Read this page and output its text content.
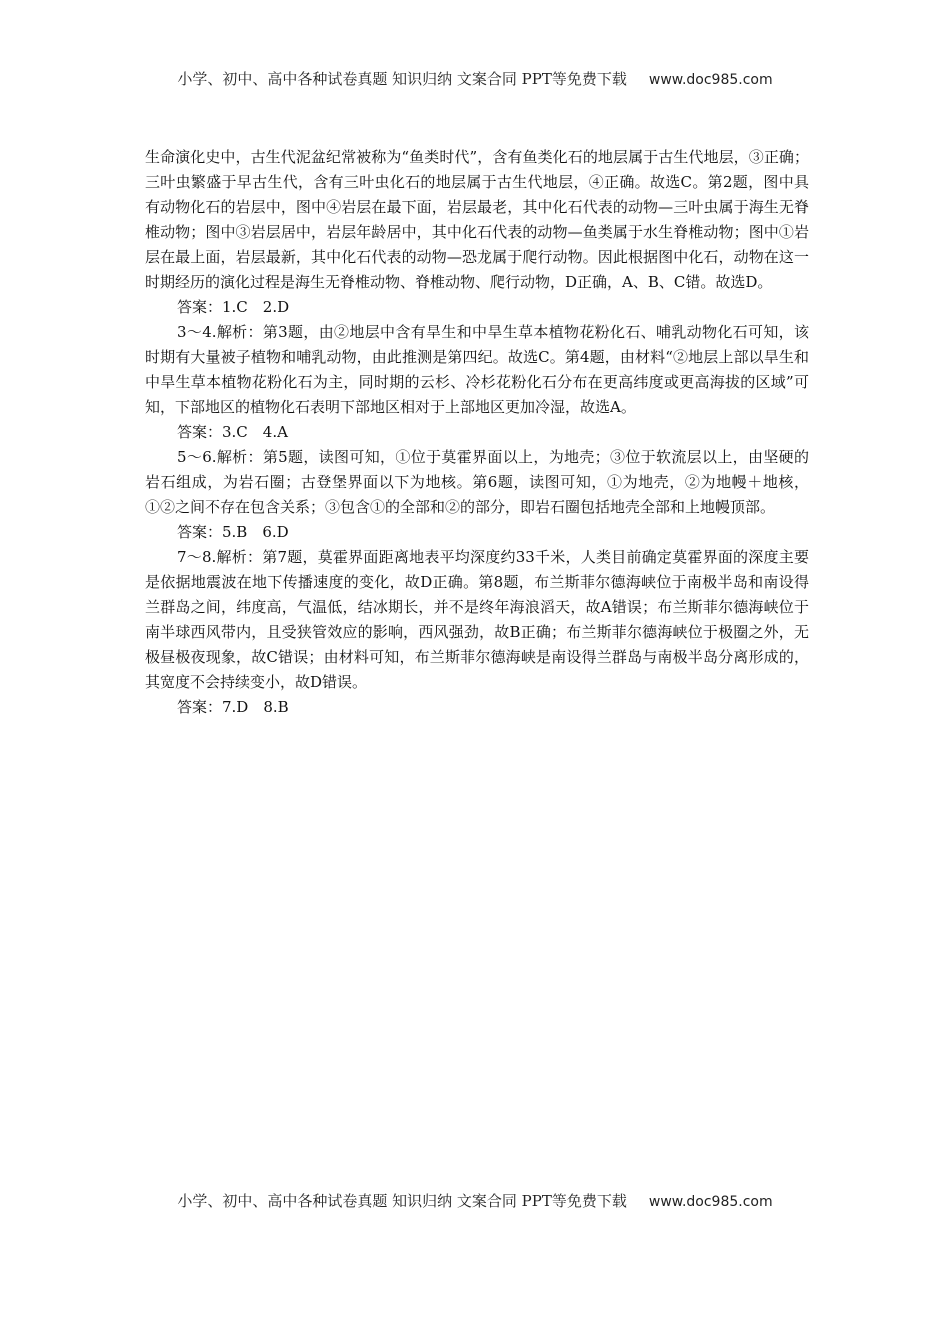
小学、初中、高中各种试卷真题 知识归纳 文案合同 PPT等免费下载 www.doc985.com

生命演化史中，古生代泥盆纪常被称为“鱼类时代”，含有鱼类化石的地层属于古生代地层，③正确；三叶虫繁盛于早古生代，含有三叶虫化石的地层属于古生代地层，④正确。故选C。第2题，图中具有动物化石的岩层中，图中④岩层在最下面，岩层最老，其中化石代表的动物—三叶虫属于海生无脊椎动物；图中③岩层居中，岩层年龄居中，其中化石代表的动物—鱼类属于水生脊椎动物；图中①岩层在最上面，岩层最新，其中化石代表的动物—恐龙属于爬行动物。因此根据图中化石，动物在这一时期经历的演化过程是海生无脊椎动物、脊椎动物、爬行动物，D正确，A、B、C错。故选D。

答案：1.C　2.D

3～4.解析：第3题，由②地层中含有旱生和中旱生草本植物花粉化石、哺乳动物化石可知，该时期有大量被子植物和哺乳动物，由此推测是第四纪。故选C。第4题，由材料“②地层上部以旱生和中旱生草本植物花粉化石为主，同时期的云杉、冷杉花粉化石分布在更高纬度或更高海拔的区域”可知，下部地区的植物化石表明下部地区相对于上部地区更加冷湿，故选A。

答案：3.C　4.A

5～6.解析：第5题，读图可知，①位于莫霍界面以上，为地壳；③位于软流层以上，由坚硬的岩石组成，为岩石圈；古登堡界面以下为地核。第6题，读图可知，①为地壳，②为地幔＋地核，①②之间不存在包含关系；③包含①的全部和②的部分，即岩石圈包括地壳全部和上地幔顶部。

答案：5.B　6.D

7～8.解析：第7题，莫霍界面距离地表平均深度约33千米，人类目前确定莫霍界面的深度主要是依据地震波在地下传播速度的变化，故D正确。第8题，布兰斯菲尔德海峡位于南极半岛和南设得兰群岛之间，纬度高，气温低，结冰期长，并不是终年海浪滔天，故A错误；布兰斯菲尔德海峡位于南半球西风带内，且受狭管效应的影响，西风强劲，故B正确；布兰斯菲尔德海峡位于极圈之外，无极昼极夜现象，故C错误；由材料可知，布兰斯菲尔德海峡是南设得兰群岛与南极半岛分离形成的，其宽度不会持续变小，故D错误。

答案：7.D　8.B

小学、初中、高中各种试卷真题 知识归纳 文案合同 PPT等免费下载 www.doc985.com
